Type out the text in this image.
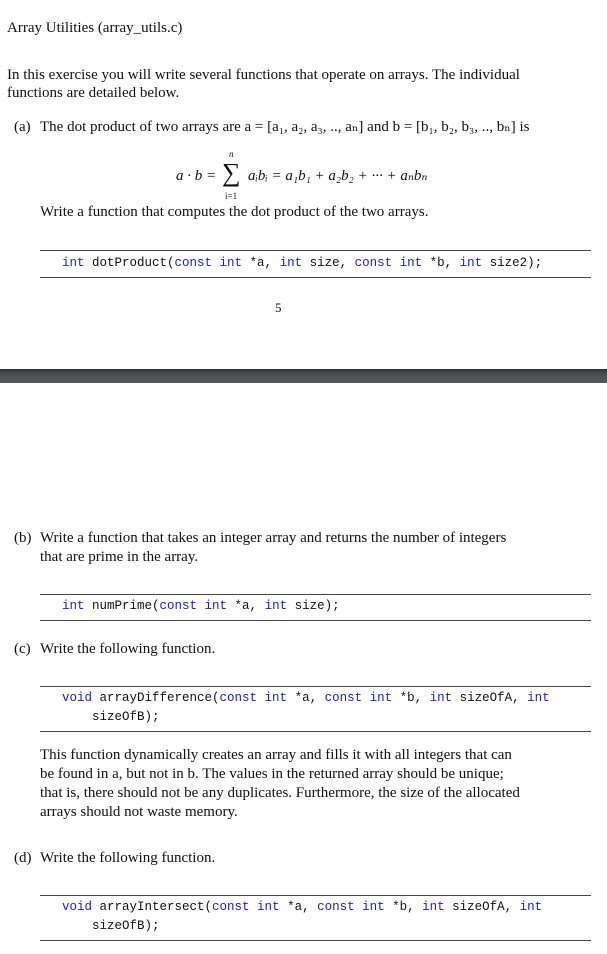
Array Utilities (array_utils.c)
In this exercise you will write several functions that operate on arrays. The individual
functions are detailed below.
(a) The dot product of two arrays are a = [a₁, a₂, a₃, .., aₙ] and b = [b₁, b₂, b₃, .., bₙ] is
a · b =
n
∑
i=1
aᵢbᵢ = a₁b₁ + a₂b₂ + ··· + aₙbₙ
Write a function that computes the dot product of the two arrays.
int dotProduct(const int *a, int size, const int *b, int size2);
5
(b) Write a function that takes an integer array and returns the number of integers
that are prime in the array.
int numPrime(const int *a, int size);
(c) Write the following function.
void arrayDifference(const int *a, const int *b, int sizeOfA, int
sizeOfB);
This function dynamically creates an array and fills it with all integers that can
be found in a, but not in b. The values in the returned array should be unique;
that is, there should not be any duplicates. Furthermore, the size of the allocated
arrays should not waste memory.
(d) Write the following function.
void arrayIntersect(const int *a, const int *b, int sizeOfA, int
sizeOfB);
